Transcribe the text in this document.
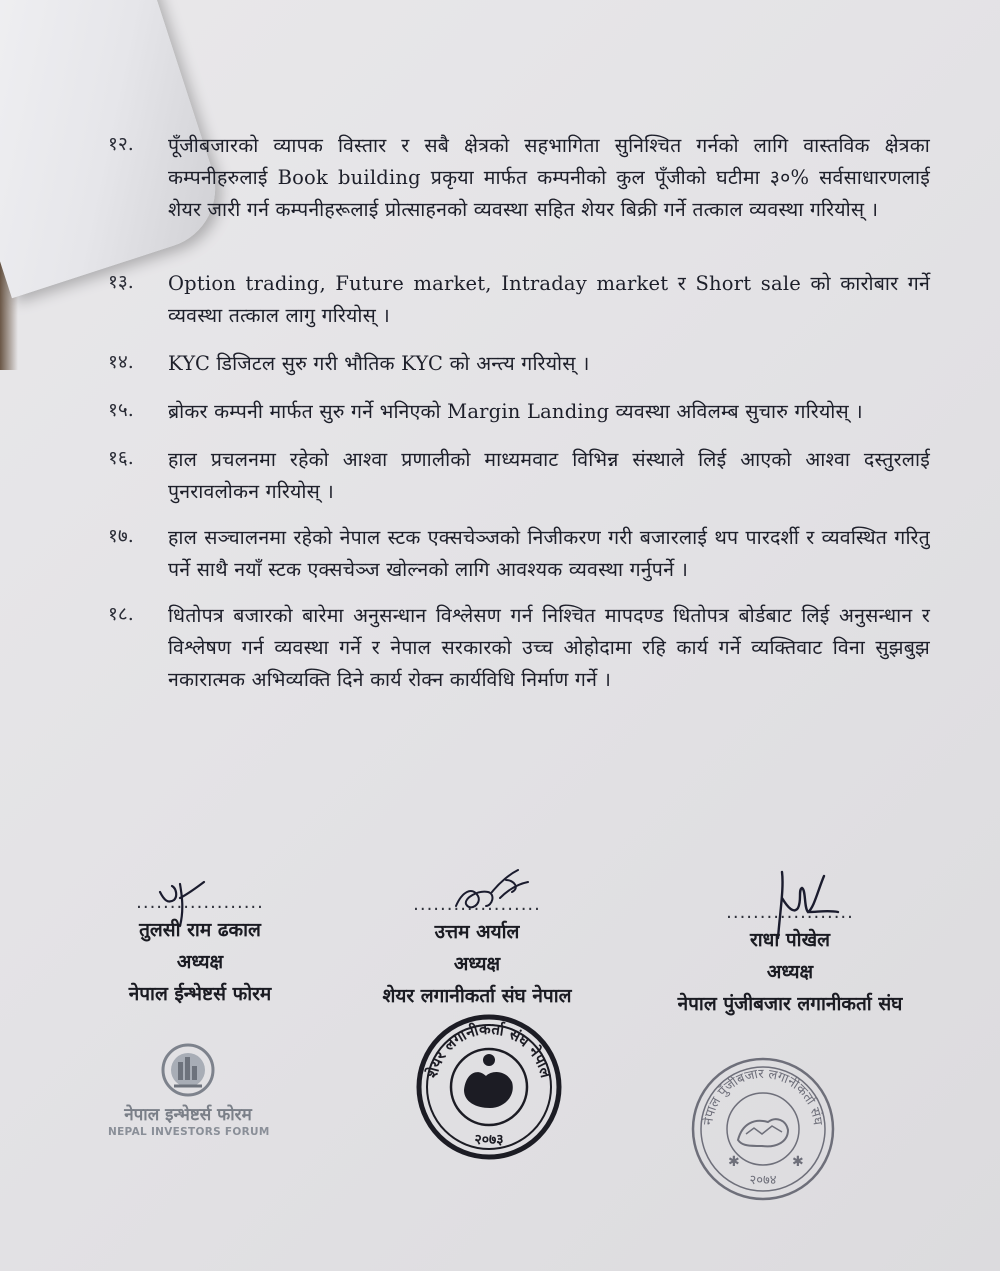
१२.	पूँजीबजारको व्यापक विस्तार र सबै क्षेत्रको सहभागिता सुनिश्चित गर्नको लागि वास्तविक क्षेत्रका कम्पनीहरुलाई Book building प्रकृया मार्फत कम्पनीको कुल पूँजीको घटीमा ३०% सर्वसाधारणलाई शेयर जारी गर्न कम्पनीहरूलाई प्रोत्साहनको व्यवस्था सहित शेयर बिक्री गर्ने तत्काल व्यवस्था गरियोस् ।
१३.	Option trading, Future market, Intraday market र Short sale को कारोबार गर्ने व्यवस्था तत्काल लागु गरियोस् ।
१४.	KYC डिजिटल सुरु गरी भौतिक KYC को अन्त्य गरियोस् ।
१५.	ब्रोकर कम्पनी मार्फत सुरु गर्ने भनिएको Margin Landing व्यवस्था अविलम्ब सुचारु गरियोस् ।
१६.	हाल प्रचलनमा रहेको आश्वा प्रणालीको माध्यमवाट विभिन्न संस्थाले लिई आएको आश्वा दस्तुरलाई पुनरावलोकन गरियोस् ।
१७.	हाल सञ्चालनमा रहेको नेपाल स्टक एक्सचेञ्जको निजीकरण गरी बजारलाई थप पारदर्शी र व्यवस्थित गरितु पर्ने साथै नयाँ स्टक एक्सचेञ्ज खोल्नको लागि आवश्यक व्यवस्था गर्नुपर्ने ।
१८.	धितोपत्र बजारको बारेमा अनुसन्धान विश्लेसण गर्न निश्चित मापदण्ड धितोपत्र बोर्डबाट लिई अनुसन्धान र विश्लेषण गर्न व्यवस्था गर्ने र नेपाल सरकारको उच्च ओहोदामा रहि कार्य गर्ने व्यक्तिवाट विना सुझबुझ नकारात्मक अभिव्यक्ति दिने कार्य रोक्न कार्यविधि निर्माण गर्ने ।
...................
तुलसी राम ढकाल
अध्यक्ष
नेपाल ईन्भेष्टर्स फोरम
...................
उत्तम अर्याल
अध्यक्ष
शेयर लगानीकर्ता संघ नेपाल
...................
राधा पोखेल
अध्यक्ष
नेपाल पुंजीबजार लगानीकर्ता संघ
नेपाल इन्भेष्टर्स फोरम
NEPAL INVESTORS FORUM
शेयर लगानीकर्ता संघ नेपाल
२०७३
नेपाल पुँजीबजार लगानीकर्ता संघ
✱	✱
२०७४
